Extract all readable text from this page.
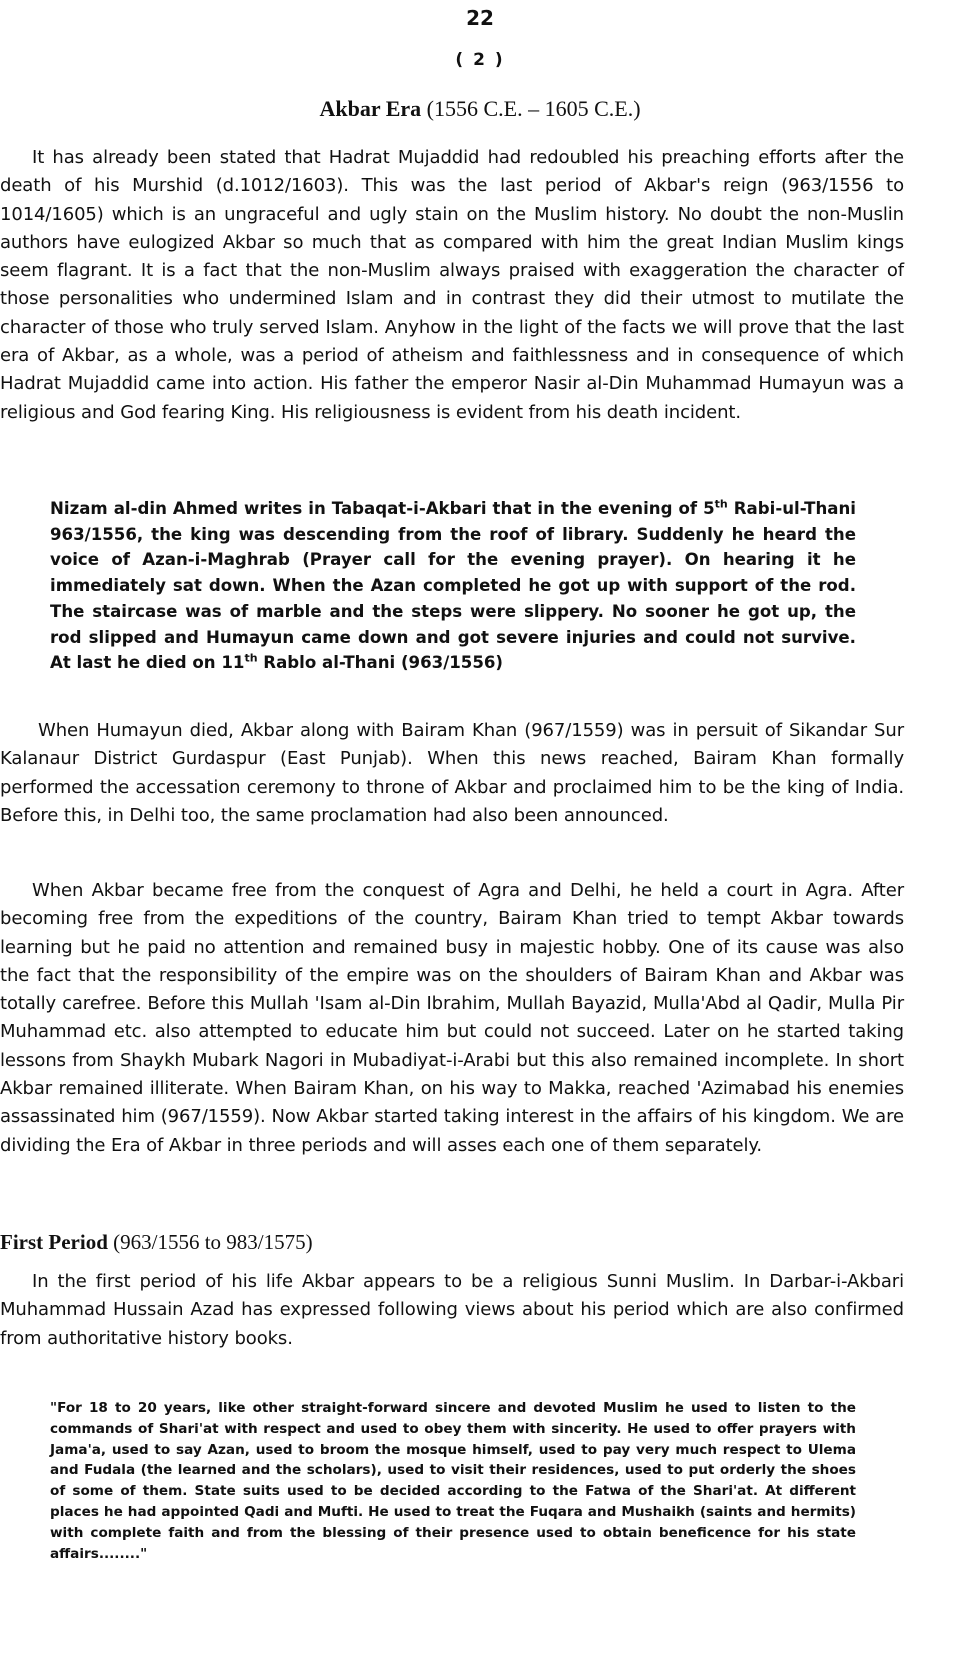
22
( 2 )
Akbar Era (1556 C.E. – 1605 C.E.)

It has already been stated that Hadrat Mujaddid had redoubled his preaching efforts after the death of his Murshid (d.1012/1603). This was the last period of Akbar's reign (963/1556 to 1014/1605) which is an ungraceful and ugly stain on the Muslim history. No doubt the non-Muslin authors have eulogized Akbar so much that as compared with him the great Indian Muslim kings seem flagrant. It is a fact that the non-Muslim always praised with exaggeration the character of those personalities who undermined Islam and in contrast they did their utmost to mutilate the character of those who truly served Islam. Anyhow in the light of the facts we will prove that the last era of Akbar, as a whole, was a period of atheism and faithlessness and in consequence of which Hadrat Mujaddid came into action. His father the emperor Nasir al-Din Muhammad Humayun was a religious and God fearing King. His religiousness is evident from his death incident.

Nizam al-din Ahmed writes in Tabaqat-i-Akbari that in the evening of 5th Rabi-ul-Thani 963/1556, the king was descending from the roof of library. Suddenly he heard the voice of Azan-i-Maghrab (Prayer call for the evening prayer). On hearing it he immediately sat down. When the Azan completed he got up with support of the rod. The staircase was of marble and the steps were slippery. No sooner he got up, the rod slipped and Humayun came down and got severe injuries and could not survive. At last he died on 11th Rablo al-Thani (963/1556)

When Humayun died, Akbar along with Bairam Khan (967/1559) was in persuit of Sikandar Sur Kalanaur District Gurdaspur (East Punjab). When this news reached, Bairam Khan formally performed the accessation ceremony to throne of Akbar and proclaimed him to be the king of India. Before this, in Delhi too, the same proclamation had also been announced.

When Akbar became free from the conquest of Agra and Delhi, he held a court in Agra. After becoming free from the expeditions of the country, Bairam Khan tried to tempt Akbar towards learning but he paid no attention and remained busy in majestic hobby. One of its cause was also the fact that the responsibility of the empire was on the shoulders of Bairam Khan and Akbar was totally carefree. Before this Mullah 'Isam al-Din Ibrahim, Mullah Bayazid, Mulla'Abd al Qadir, Mulla Pir Muhammad etc. also attempted to educate him but could not succeed. Later on he started taking lessons from Shaykh Mubark Nagori in Mubadiyat-i-Arabi but this also remained incomplete. In short Akbar remained illiterate. When Bairam Khan, on his way to Makka, reached 'Azimabad his enemies assassinated him (967/1559). Now Akbar started taking interest in the affairs of his kingdom. We are dividing the Era of Akbar in three periods and will asses each one of them separately.

First Period (963/1556 to 983/1575)

In the first period of his life Akbar appears to be a religious Sunni Muslim. In Darbar-i-Akbari Muhammad Hussain Azad has expressed following views about his period which are also confirmed from authoritative history books.

"For 18 to 20 years, like other straight-forward sincere and devoted Muslim he used to listen to the commands of Shari'at with respect and used to obey them with sincerity. He used to offer prayers with Jama'a, used to say Azan, used to broom the mosque himself, used to pay very much respect to Ulema and Fudala (the learned and the scholars), used to visit their residences, used to put orderly the shoes of some of them. State suits used to be decided according to the Fatwa of the Shari'at. At different places he had appointed Qadi and Mufti. He used to treat the Fuqara and Mushaikh (saints and hermits) with complete faith and from the blessing of their presence used to obtain beneficence for his state affairs........"
